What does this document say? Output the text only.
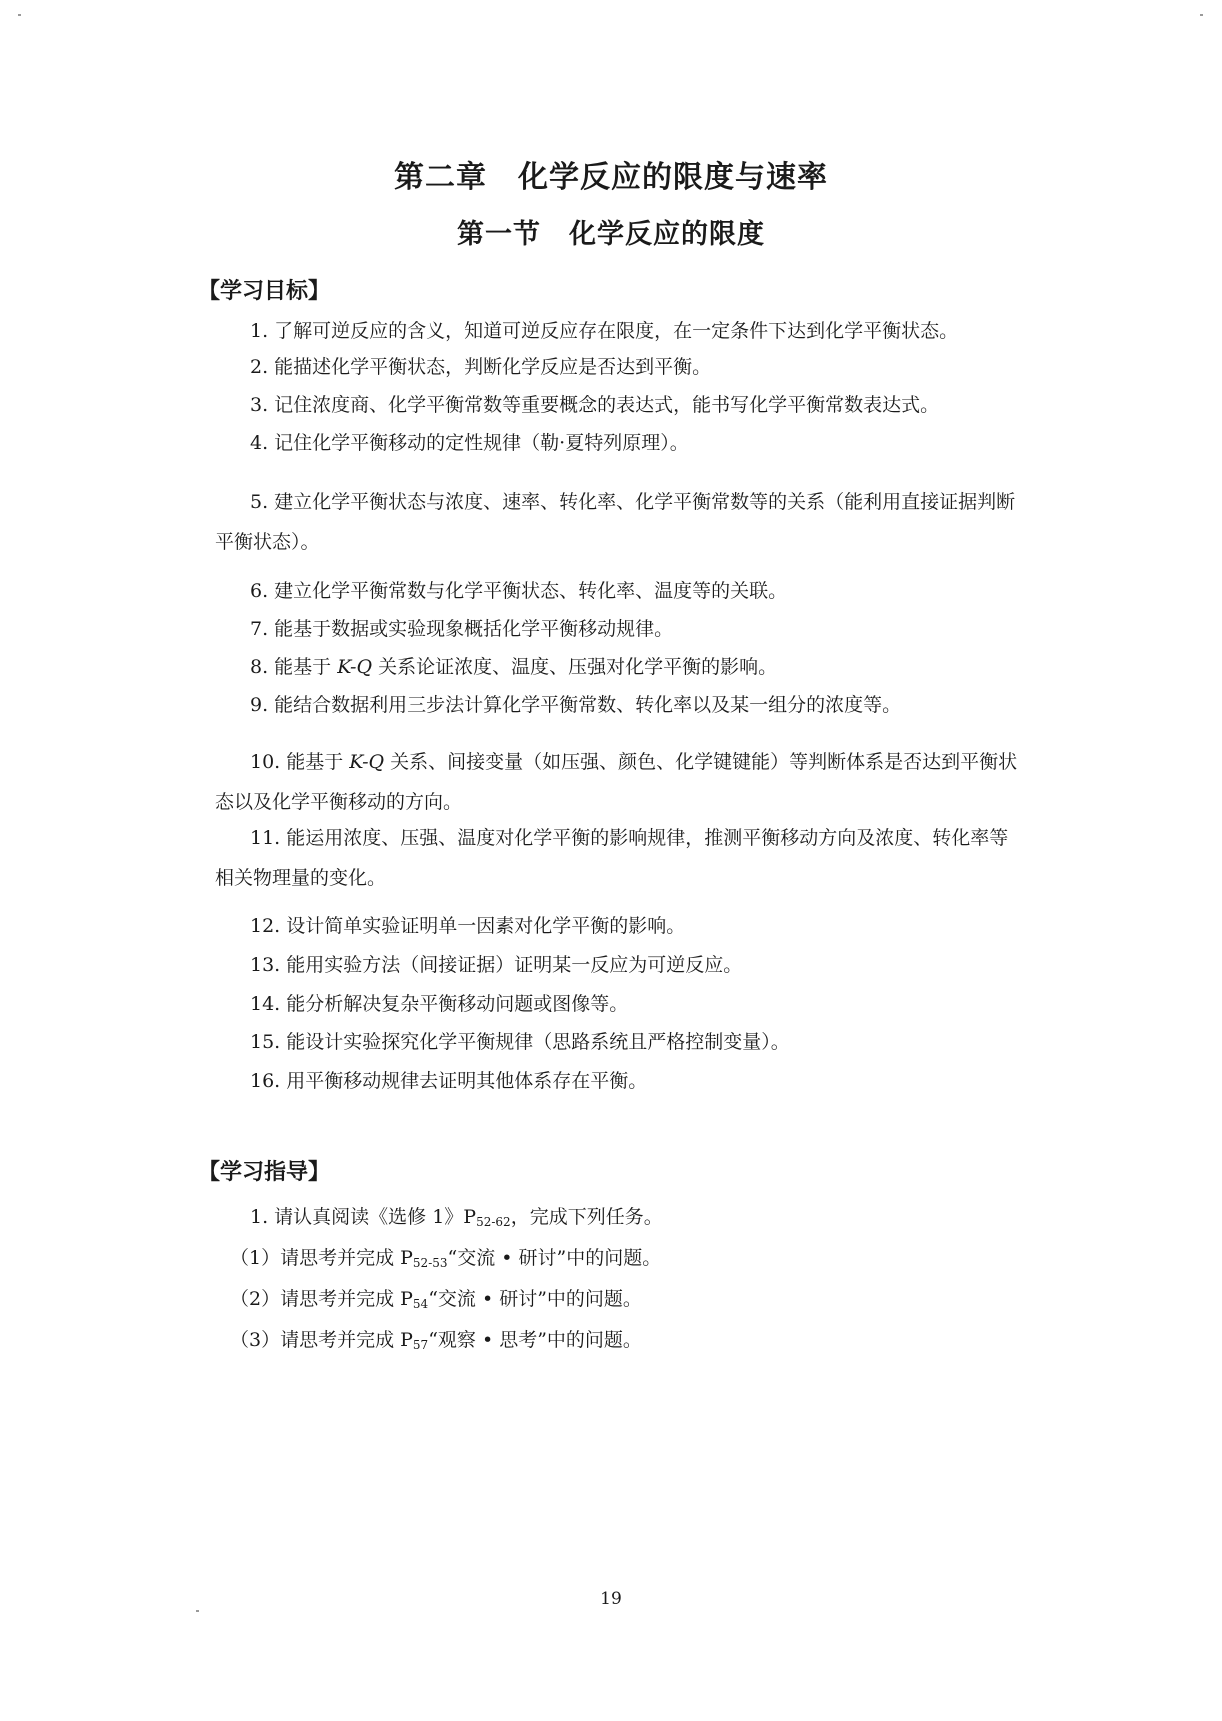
第二章　化学反应的限度与速率
第一节　化学反应的限度
【学习目标】
1. 了解可逆反应的含义，知道可逆反应存在限度，在一定条件下达到化学平衡状态。
2. 能描述化学平衡状态，判断化学反应是否达到平衡。
3. 记住浓度商、化学平衡常数等重要概念的表达式，能书写化学平衡常数表达式。
4. 记住化学平衡移动的定性规律（勒·夏特列原理）。
5. 建立化学平衡状态与浓度、速率、转化率、化学平衡常数等的关系（能利用直接证据判断平衡状态）。
6. 建立化学平衡常数与化学平衡状态、转化率、温度等的关联。
7. 能基于数据或实验现象概括化学平衡移动规律。
8. 能基于 K-Q 关系论证浓度、温度、压强对化学平衡的影响。
9. 能结合数据利用三步法计算化学平衡常数、转化率以及某一组分的浓度等。
10. 能基于 K-Q 关系、间接变量（如压强、颜色、化学键键能）等判断体系是否达到平衡状态以及化学平衡移动的方向。
11. 能运用浓度、压强、温度对化学平衡的影响规律，推测平衡移动方向及浓度、转化率等相关物理量的变化。
12. 设计简单实验证明单一因素对化学平衡的影响。
13. 能用实验方法（间接证据）证明某一反应为可逆反应。
14. 能分析解决复杂平衡移动问题或图像等。
15. 能设计实验探究化学平衡规律（思路系统且严格控制变量）。
16. 用平衡移动规律去证明其他体系存在平衡。
【学习指导】
1. 请认真阅读《选修 1》$P_{52-62}$，完成下列任务。
（1）请思考并完成 $P_{52-53}“$交流 • 研讨”中的问题。
（2）请思考并完成 $P_{54}“$交流 • 研讨”中的问题。
（3）请思考并完成 $P_{57}“$观察 • 思考”中的问题。
19
